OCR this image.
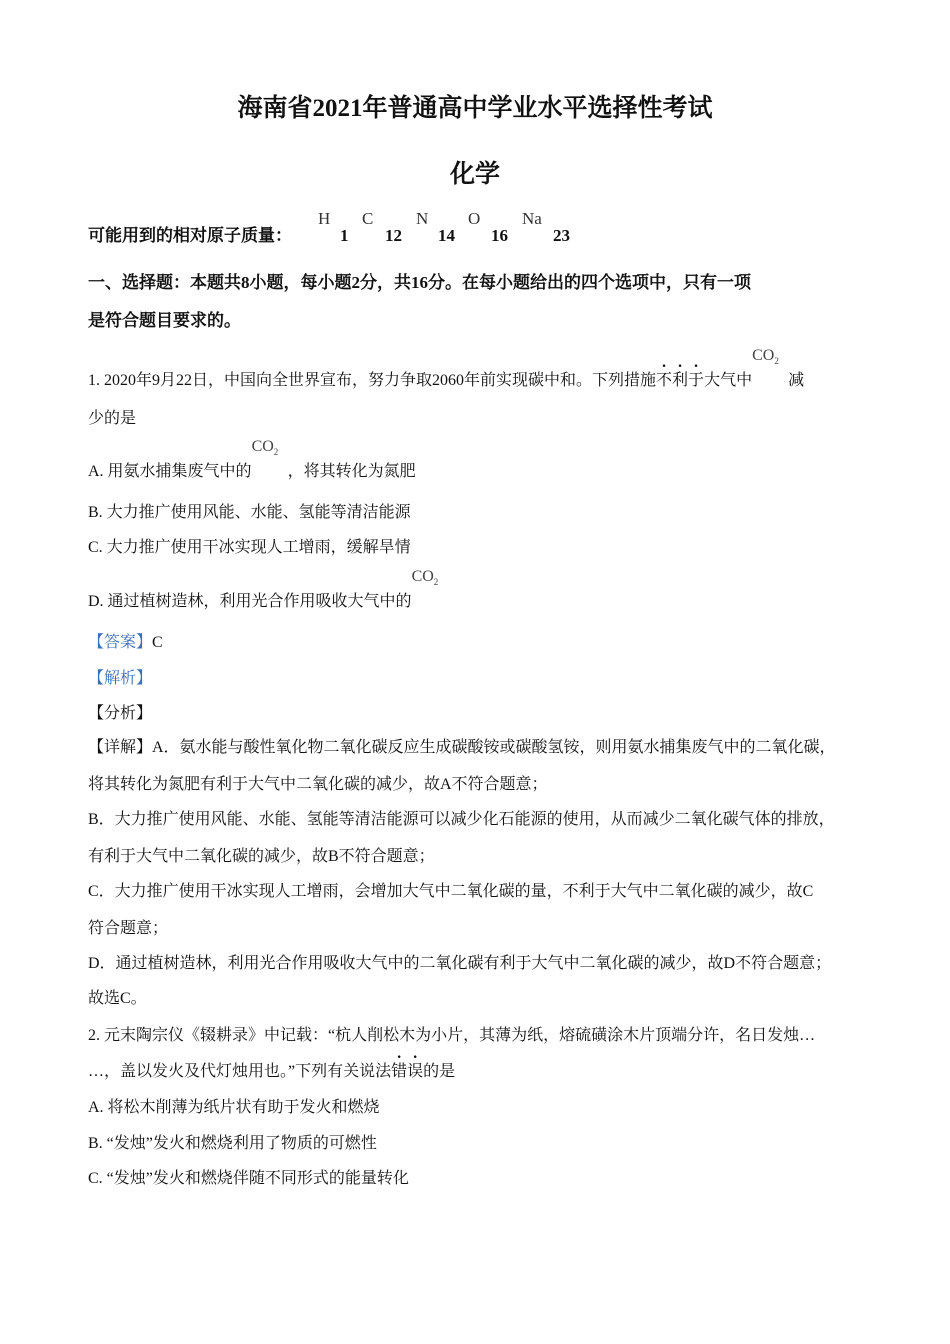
海南省2021年普通高中学业水平选择性考试
化学
可能用到的相对原子质量：
H
1
C
12
N
14
O
16
Na
23
一、选择题：本题共8小题，每小题2分，共16分。在每小题给出的四个选项中，只有一项
是符合题目要求的。
1. 2020年9月22日，中国向全世界宣布，努力争取2060年前实现碳中和。下列措施不利于大气中
$CO_2$
减
少的是
A. 用氨水捕集废气中的
$CO_2$
，将其转化为氮肥
B. 大力推广使用风能、水能、氢能等清洁能源
C. 大力推广使用干冰实现人工增雨，缓解旱情
D. 通过植树造林，利用光合作用吸收大气中的
$CO_2$
【答案】C
【解析】
【分析】
【详解】A．氨水能与酸性氧化物二氧化碳反应生成碳酸铵或碳酸氢铵，则用氨水捕集废气中的二氧化碳，
将其转化为氮肥有利于大气中二氧化碳的减少，故A不符合题意；
B．大力推广使用风能、水能、氢能等清洁能源可以减少化石能源的使用，从而减少二氧化碳气体的排放，
有利于大气中二氧化碳的减少，故B不符合题意；
C．大力推广使用干冰实现人工增雨，会增加大气中二氧化碳的量，不利于大气中二氧化碳的减少，故C
符合题意；
D．通过植树造林，利用光合作用吸收大气中的二氧化碳有利于大气中二氧化碳的减少，故D不符合题意；
故选C。
2. 元末陶宗仪《辍耕录》中记载：“杭人削松木为小片，其薄为纸，熔硫磺涂木片顶端分许，名日发烛…
…，盖以发火及代灯烛用也。”下列有关说法错误的是
A. 将松木削薄为纸片状有助于发火和燃烧
B. “发烛”发火和燃烧利用了物质的可燃性
C. “发烛”发火和燃烧伴随不同形式的能量转化
